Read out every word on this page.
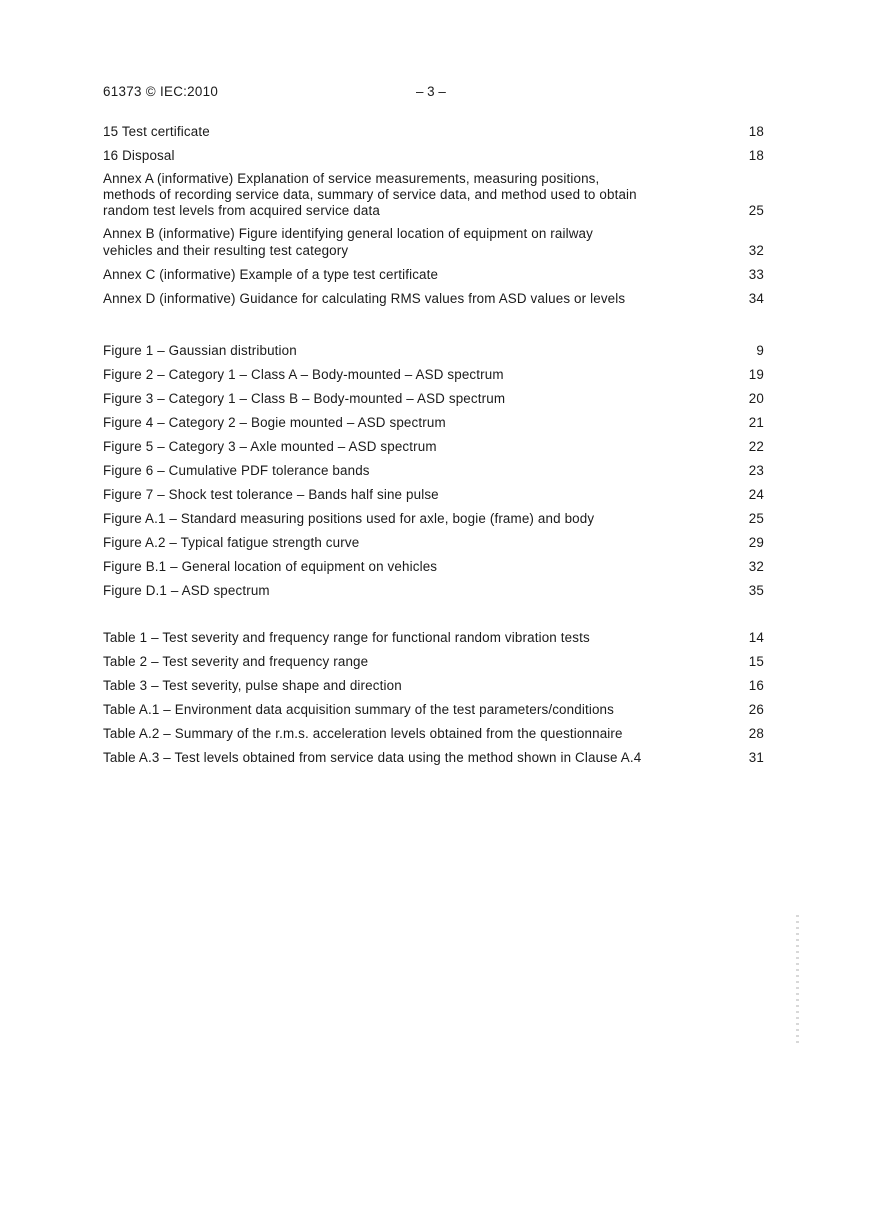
61373 © IEC:2010	– 3 –
15 Test certificate	18
16 Disposal	18
Annex A (informative) Explanation of service measurements, measuring positions,
methods of recording service data, summary of service data, and method used to obtain
random test levels from acquired service data	25
Annex B (informative) Figure identifying general location of equipment on railway
vehicles and their resulting test category	32
Annex C (informative) Example of a type test certificate	33
Annex D (informative) Guidance for calculating RMS values from ASD values or levels	34
Figure 1 – Gaussian distribution	9
Figure 2 – Category 1 – Class A – Body-mounted – ASD spectrum	19
Figure 3 – Category 1 – Class B – Body-mounted – ASD spectrum	20
Figure 4 – Category 2 – Bogie mounted – ASD spectrum	21
Figure 5 – Category 3 – Axle mounted – ASD spectrum	22
Figure 6 – Cumulative PDF tolerance bands	23
Figure 7 – Shock test tolerance – Bands half sine pulse	24
Figure A.1 – Standard measuring positions used for axle, bogie (frame) and body	25
Figure A.2 – Typical fatigue strength curve	29
Figure B.1 – General location of equipment on vehicles	32
Figure D.1 – ASD spectrum	35
Table 1 – Test severity and frequency range for functional random vibration tests	14
Table 2 – Test severity and frequency range	15
Table 3 – Test severity, pulse shape and direction	16
Table A.1 – Environment data acquisition summary of the test parameters/conditions	26
Table A.2 – Summary of the r.m.s. acceleration levels obtained from the questionnaire	28
Table A.3 – Test levels obtained from service data using the method shown in Clause A.4	31
